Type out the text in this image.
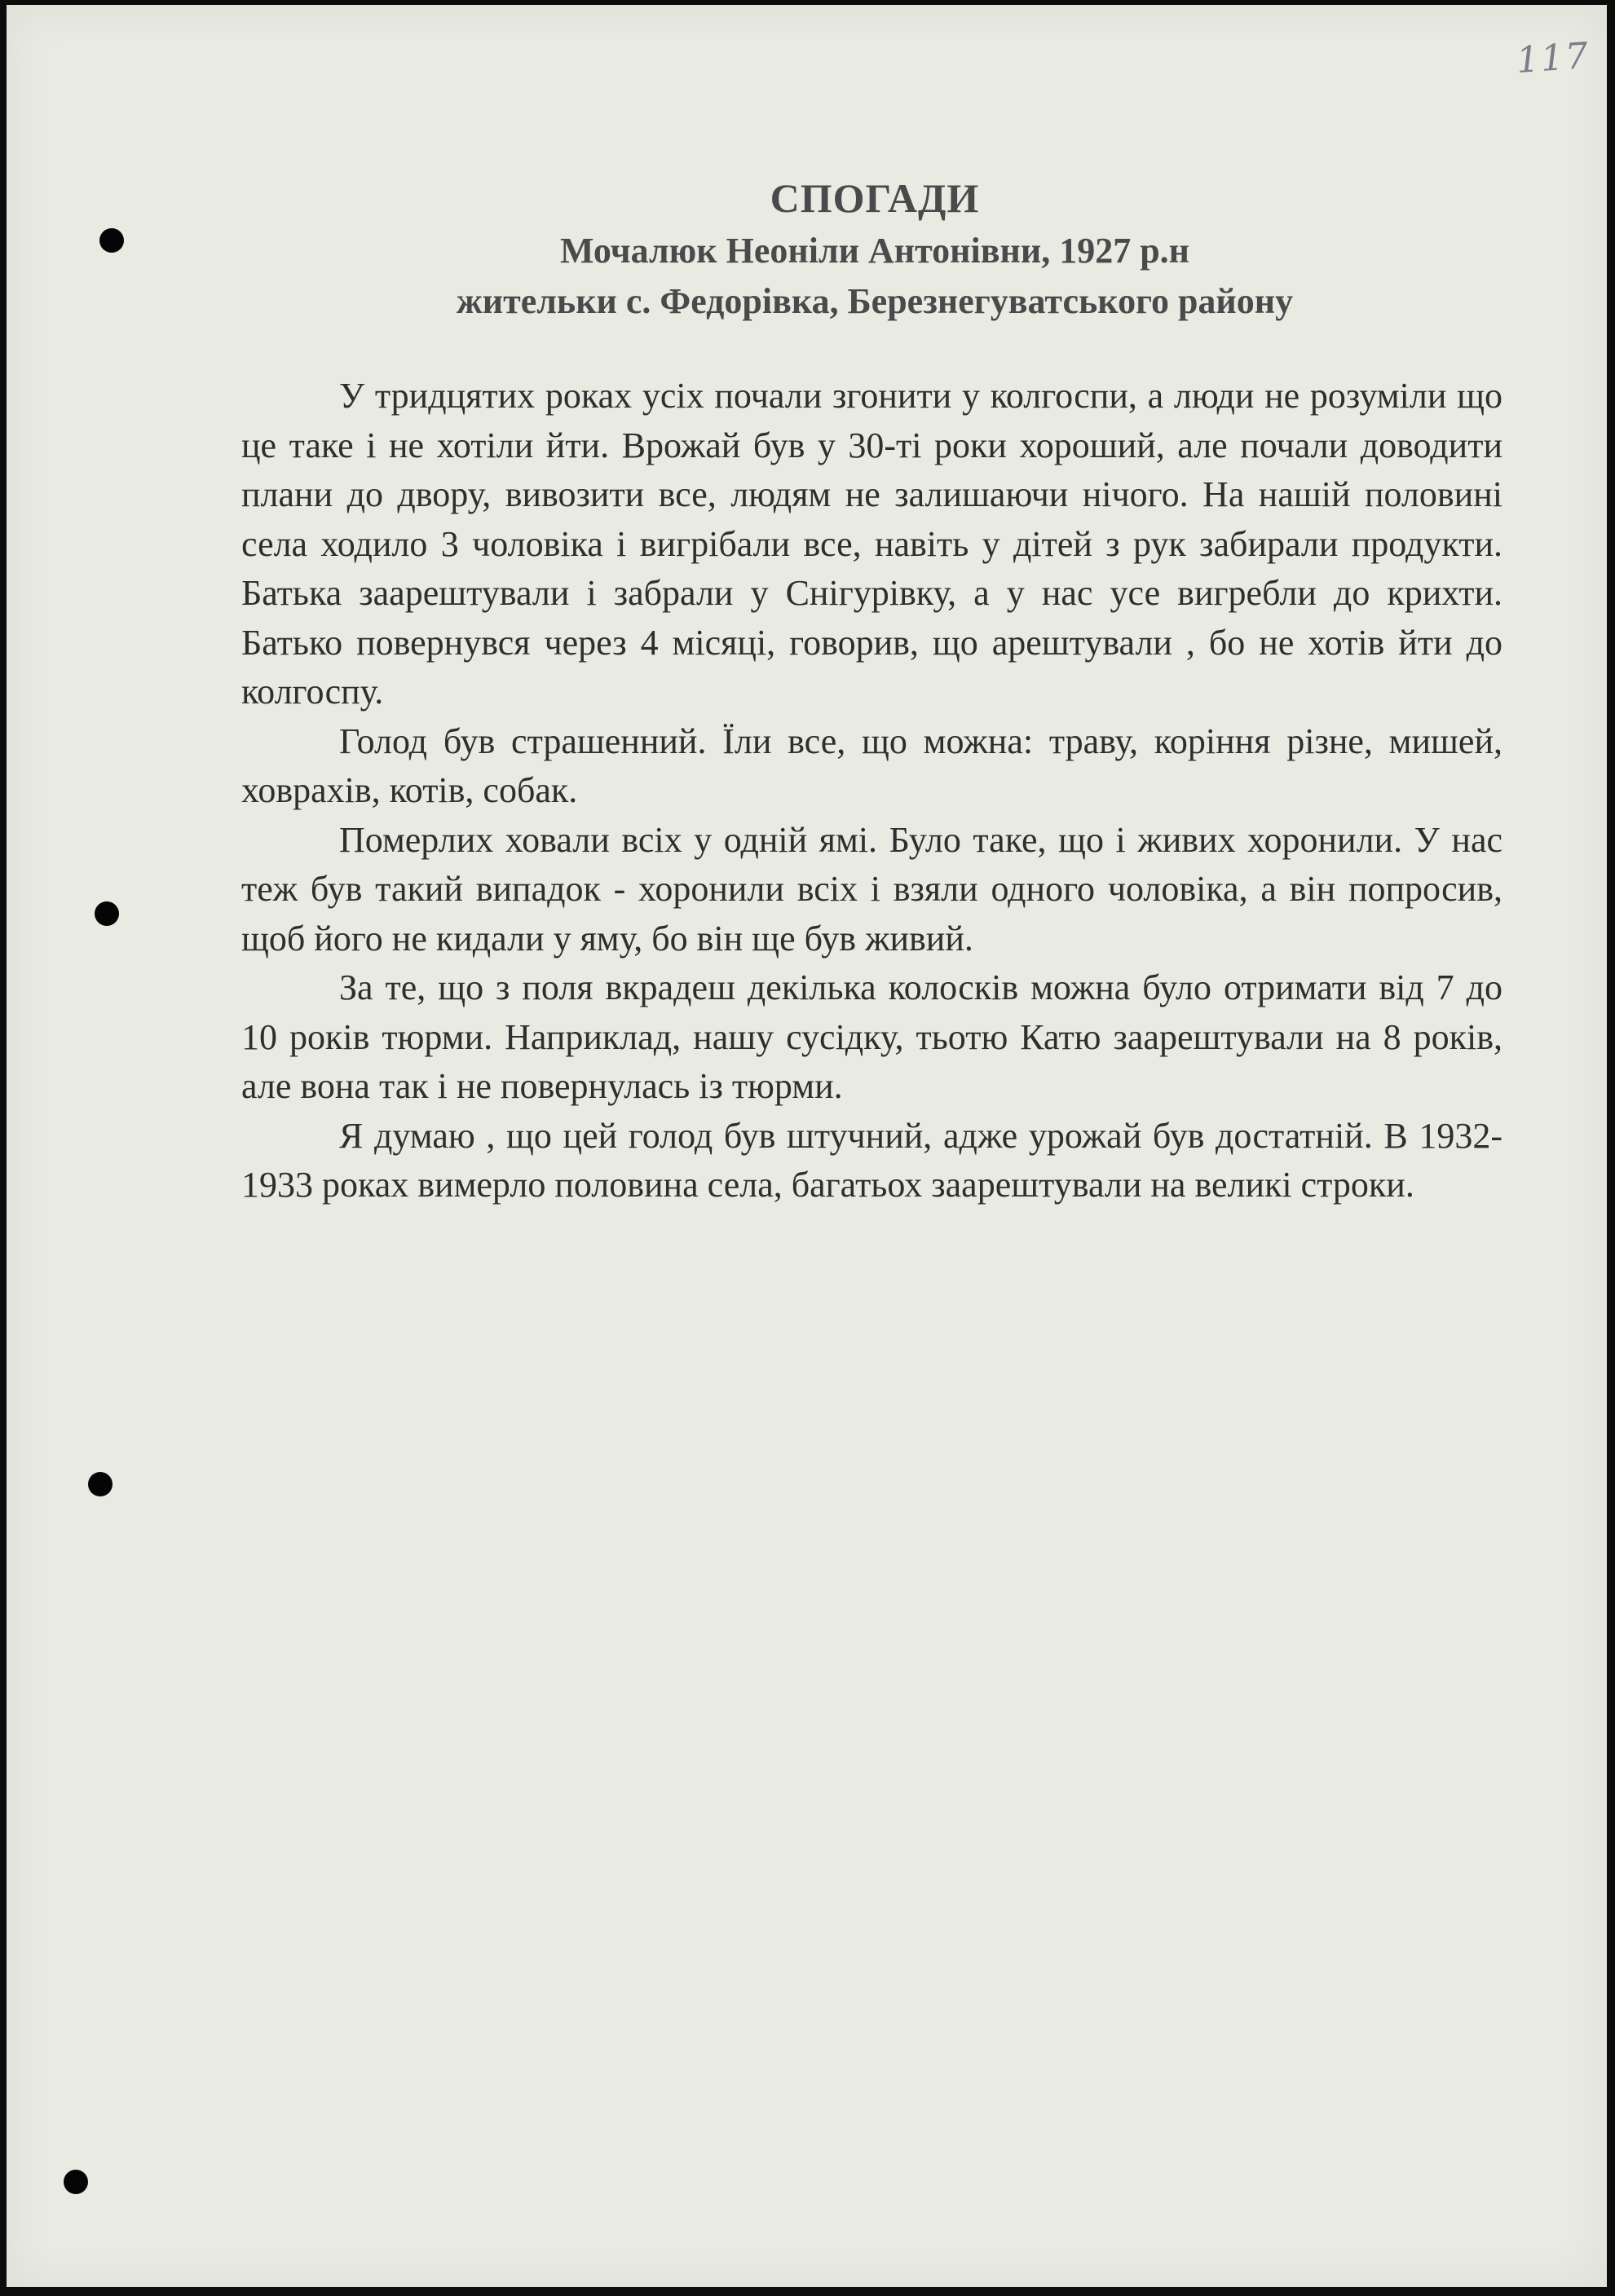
117
СПОГАДИ
Мочалюк Неоніли Антонівни, 1927 р.н
жительки с. Федорівка, Березнегуватського району

У тридцятих роках усіх почали згонити у колгоспи, а люди не розуміли що це таке і не хотіли йти. Врожай був у 30-ті роки хороший, але почали доводити плани до двору, вивозити все, людям не залишаючи нічого. На нашій половині села ходило 3 чоловіка і вигрібали все, навіть у дітей з рук забирали продукти. Батька заарештували і забрали у Снігурівку, а у нас усе вигребли до крихти. Батько повернувся через 4 місяці, говорив, що арештували , бо не хотів йти до колгоспу.

Голод був страшенний. Їли все, що можна: траву, коріння різне, мишей, ховрахів, котів, собак.

Померлих ховали всіх у одній ямі. Було таке, що і живих хоронили. У нас теж був такий випадок - хоронили всіх і взяли одного чоловіка, а він попросив, щоб його не кидали у яму, бо він ще був живий.

За те, що з поля вкрадеш декілька колосків можна було отримати від 7 до 10 років тюрми. Наприклад, нашу сусідку, тьотю Катю заарештували на 8 років, але вона так і не повернулась із тюрми.

Я думаю , що цей голод був штучний, адже урожай був достатній. В 1932-1933 роках вимерло половина села, багатьох заарештували на великі строки.
